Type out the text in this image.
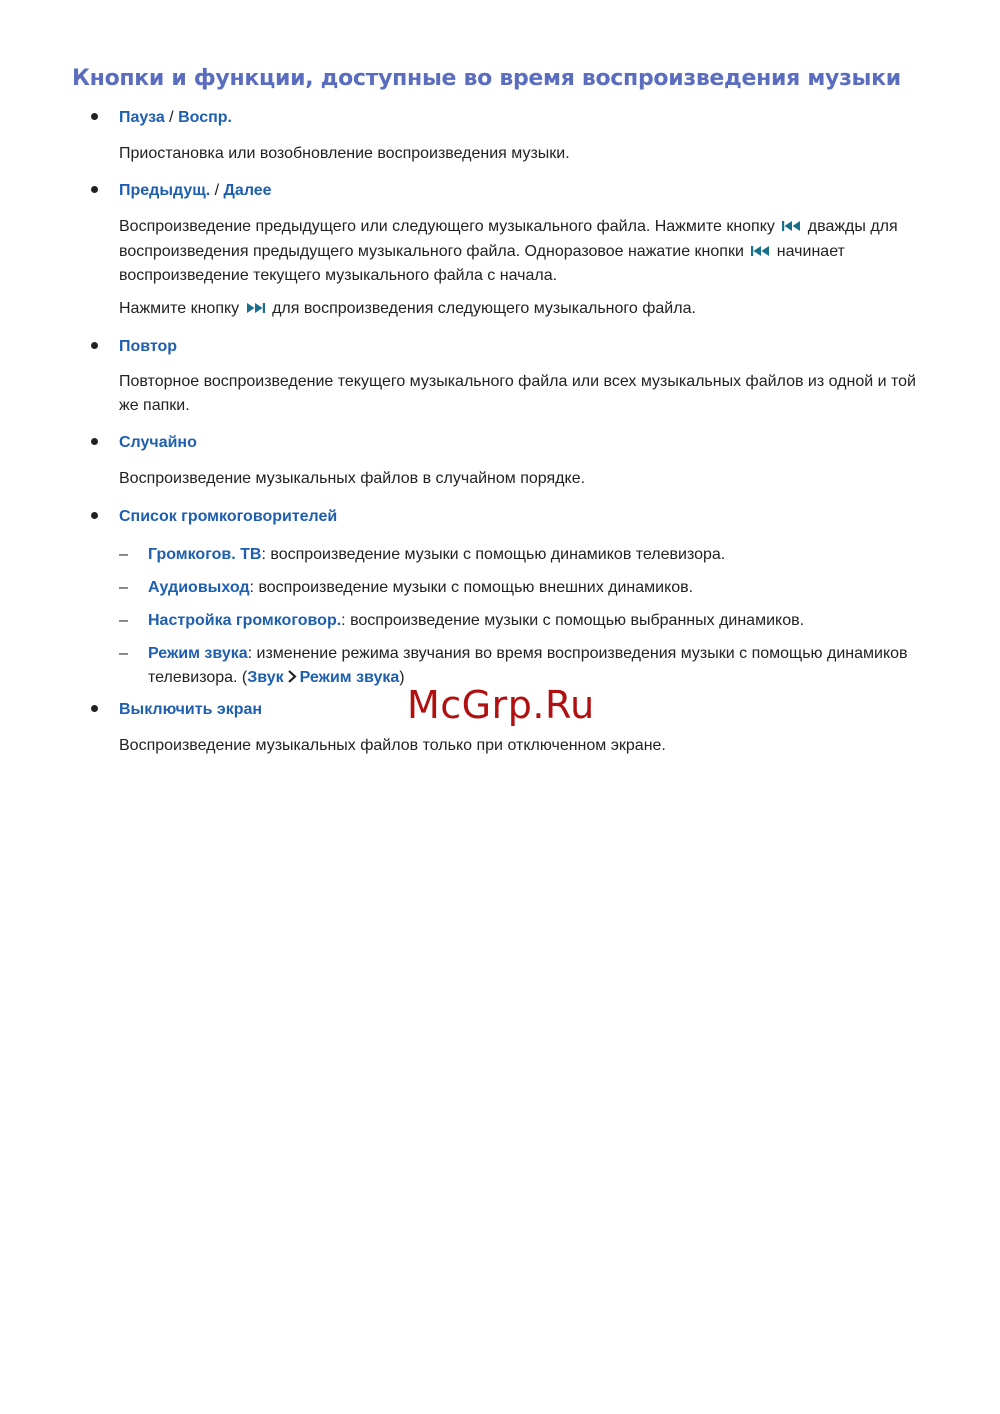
Кнопки и функции, доступные во время воспроизведения музыки
Пауза / Воспр.
Приостановка или возобновление воспроизведения музыки.
Предыдущ. / Далее
Воспроизведение предыдущего или следующего музыкального файла. Нажмите кнопку дважды для воспроизведения предыдущего музыкального файла. Одноразовое нажатие кнопки начинает воспроизведение текущего музыкального файла с начала.
Нажмите кнопку для воспроизведения следующего музыкального файла.
Повтор
Повторное воспроизведение текущего музыкального файла или всех музыкальных файлов из одной и той же папки.
Случайно
Воспроизведение музыкальных файлов в случайном порядке.
Список громкоговорителей
– Громкогов. ТВ: воспроизведение музыки с помощью динамиков телевизора.
– Аудиовыход: воспроизведение музыки с помощью внешних динамиков.
– Настройка громкоговор.: воспроизведение музыки с помощью выбранных динамиков.
– Режим звука: изменение режима звучания во время воспроизведения музыки с помощью динамиков телевизора. (Звук Режим звука)
Выключить экран
Воспроизведение музыкальных файлов только при отключенном экране.
McGrp.Ru
